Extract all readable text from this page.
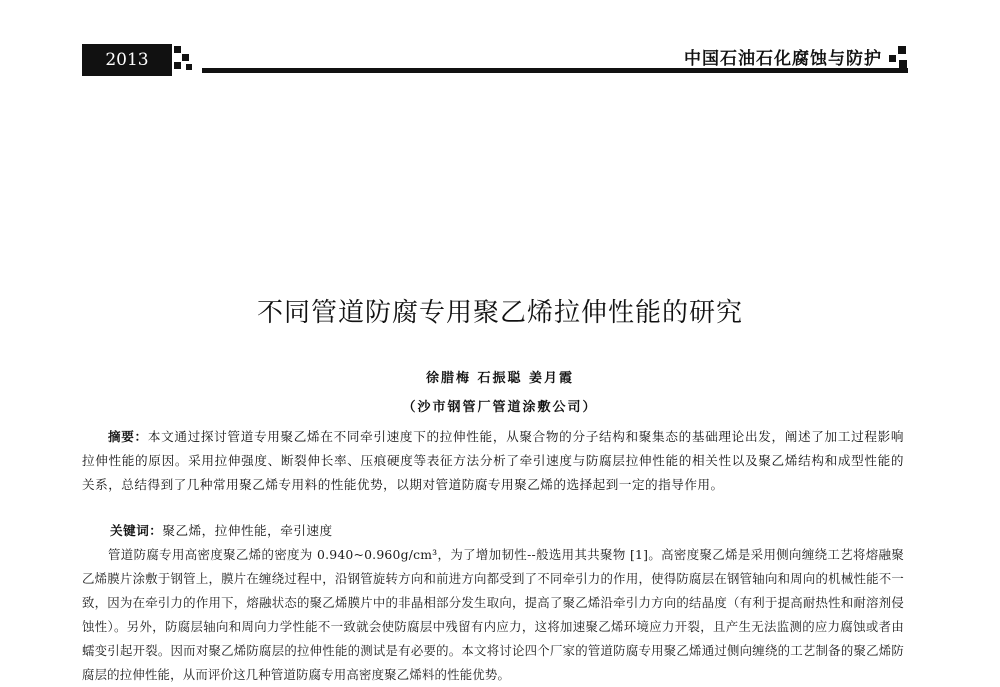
2013	中国石油石化腐蚀与防护
不同管道防腐专用聚乙烯拉伸性能的研究
徐腊梅 石振聪 姜月霞
（沙市钢管厂管道涂敷公司）
摘要：本文通过探讨管道专用聚乙烯在不同牵引速度下的拉伸性能，从聚合物的分子结构和聚集态的基础理论出发，阐述了加工过程影响拉伸性能的原因。采用拉伸强度、断裂伸长率、压痕硬度等表征方法分析了牵引速度与防腐层拉伸性能的相关性以及聚乙烯结构和成型性能的关系，总结得到了几种常用聚乙烯专用料的性能优势，以期对管道防腐专用聚乙烯的选择起到一定的指导作用。
关键词：聚乙烯，拉伸性能，牵引速度
管道防腐专用高密度聚乙烯的密度为 0.940~0.960g/cm³，为了增加韧性--般选用其共聚物 [1]。高密度聚乙烯是采用侧向缠绕工艺将熔融聚乙烯膜片涂敷于钢管上，膜片在缠绕过程中，沿钢管旋转方向和前进方向都受到了不同牵引力的作用，使得防腐层在钢管轴向和周向的机械性能不一致，因为在牵引力的作用下，熔融状态的聚乙烯膜片中的非晶相部分发生取向，提高了聚乙烯沿牵引力方向的结晶度（有利于提高耐热性和耐溶剂侵蚀性）。另外，防腐层轴向和周向力学性能不一致就会使防腐层中残留有内应力，这将加速聚乙烯环境应力开裂，且产生无法监测的应力腐蚀或者由蠕变引起开裂。因而对聚乙烯防腐层的拉伸性能的测试是有必要的。本文将讨论四个厂家的管道防腐专用聚乙烯通过侧向缠绕的工艺制备的聚乙烯防腐层的拉伸性能，从而评价这几种管道防腐专用高密度聚乙烯料的性能优势。
